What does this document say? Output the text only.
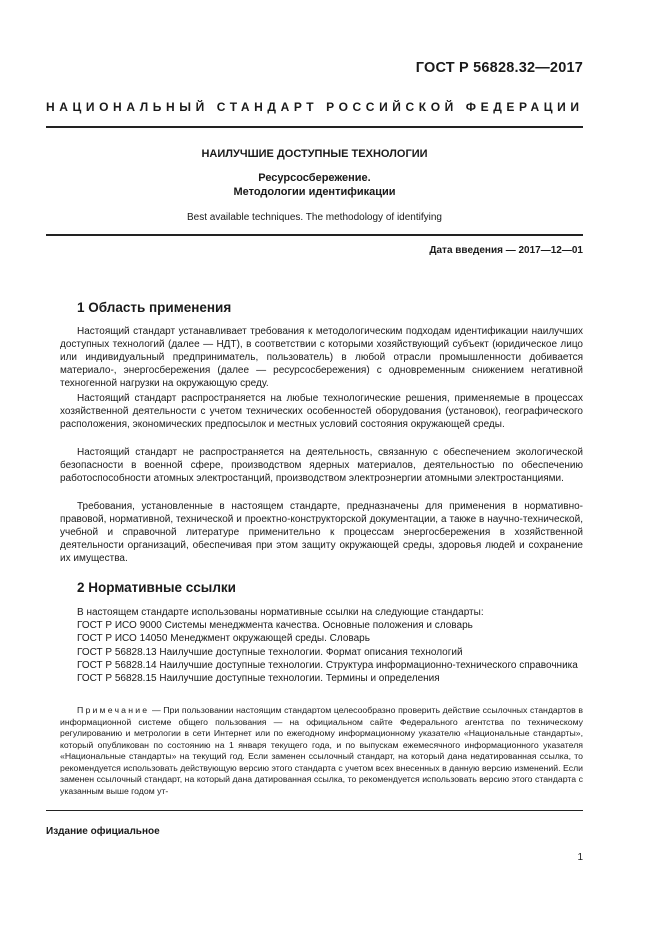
ГОСТ Р 56828.32—2017
НАЦИОНАЛЬНЫЙ СТАНДАРТ РОССИЙСКОЙ ФЕДЕРАЦИИ
НАИЛУЧШИЕ ДОСТУПНЫЕ ТЕХНОЛОГИИ
Ресурсосбережение.
Методологии идентификации
Best available techniques. The methodology of identifying
Дата введения — 2017—12—01
1 Область применения

Настоящий стандарт устанавливает требования к методологическим подходам идентификации наилучших доступных технологий (далее — НДТ), в соответствии с которыми хозяйствующий субъект (юридическое лицо или индивидуальный предприниматель, пользователь) в любой отрасли промышленности добивается материало-, энергосбережения (далее — ресурсосбережения) с одновременным снижением негативной техногенной нагрузки на окружающую среду.

Настоящий стандарт распространяется на любые технологические решения, применяемые в процессах хозяйственной деятельности с учетом технических особенностей оборудования (установок), географического расположения, экономических предпосылок и местных условий состояния окружающей среды.

Настоящий стандарт не распространяется на деятельность, связанную с обеспечением экологической безопасности в военной сфере, производством ядерных материалов, деятельностью по обеспечению работоспособности атомных электростанций, производством электроэнергии атомными электростанциями.

Требования, установленные в настоящем стандарте, предназначены для применения в нормативно-правовой, нормативной, технической и проектно-конструкторской документации, а также в научно-технической, учебной и справочной литературе применительно к процессам энергосбережения в хозяйственной деятельности организаций, обеспечивая при этом защиту окружающей среды, здоровья людей и сохранение их имущества.

2 Нормативные ссылки
В настоящем стандарте использованы нормативные ссылки на следующие стандарты:
ГОСТ Р ИСО 9000 Системы менеджмента качества. Основные положения и словарь
ГОСТ Р ИСО 14050 Менеджмент окружающей среды. Словарь
ГОСТ Р 56828.13 Наилучшие доступные технологии. Формат описания технологий
ГОСТ Р 56828.14 Наилучшие доступные технологии. Структура информационно-технического справочника
ГОСТ Р 56828.15 Наилучшие доступные технологии. Термины и определения

Примечание — При пользовании настоящим стандартом целесообразно проверить действие ссылочных стандартов в информационной системе общего пользования — на официальном сайте Федерального агентства по техническому регулированию и метрологии в сети Интернет или по ежегодному информационному указателю «Национальные стандарты», который опубликован по состоянию на 1 января текущего года, и по выпускам ежемесячного информационного указателя «Национальные стандарты» на текущий год. Если заменен ссылочный стандарт, на который дана недатированная ссылка, то рекомендуется использовать действующую версию этого стандарта с учетом всех внесенных в данную версию изменений. Если заменен ссылочный стандарт, на который дана датированная ссылка, то рекомендуется использовать версию этого стандарта с указанным выше годом ут-

Издание официальное
1
